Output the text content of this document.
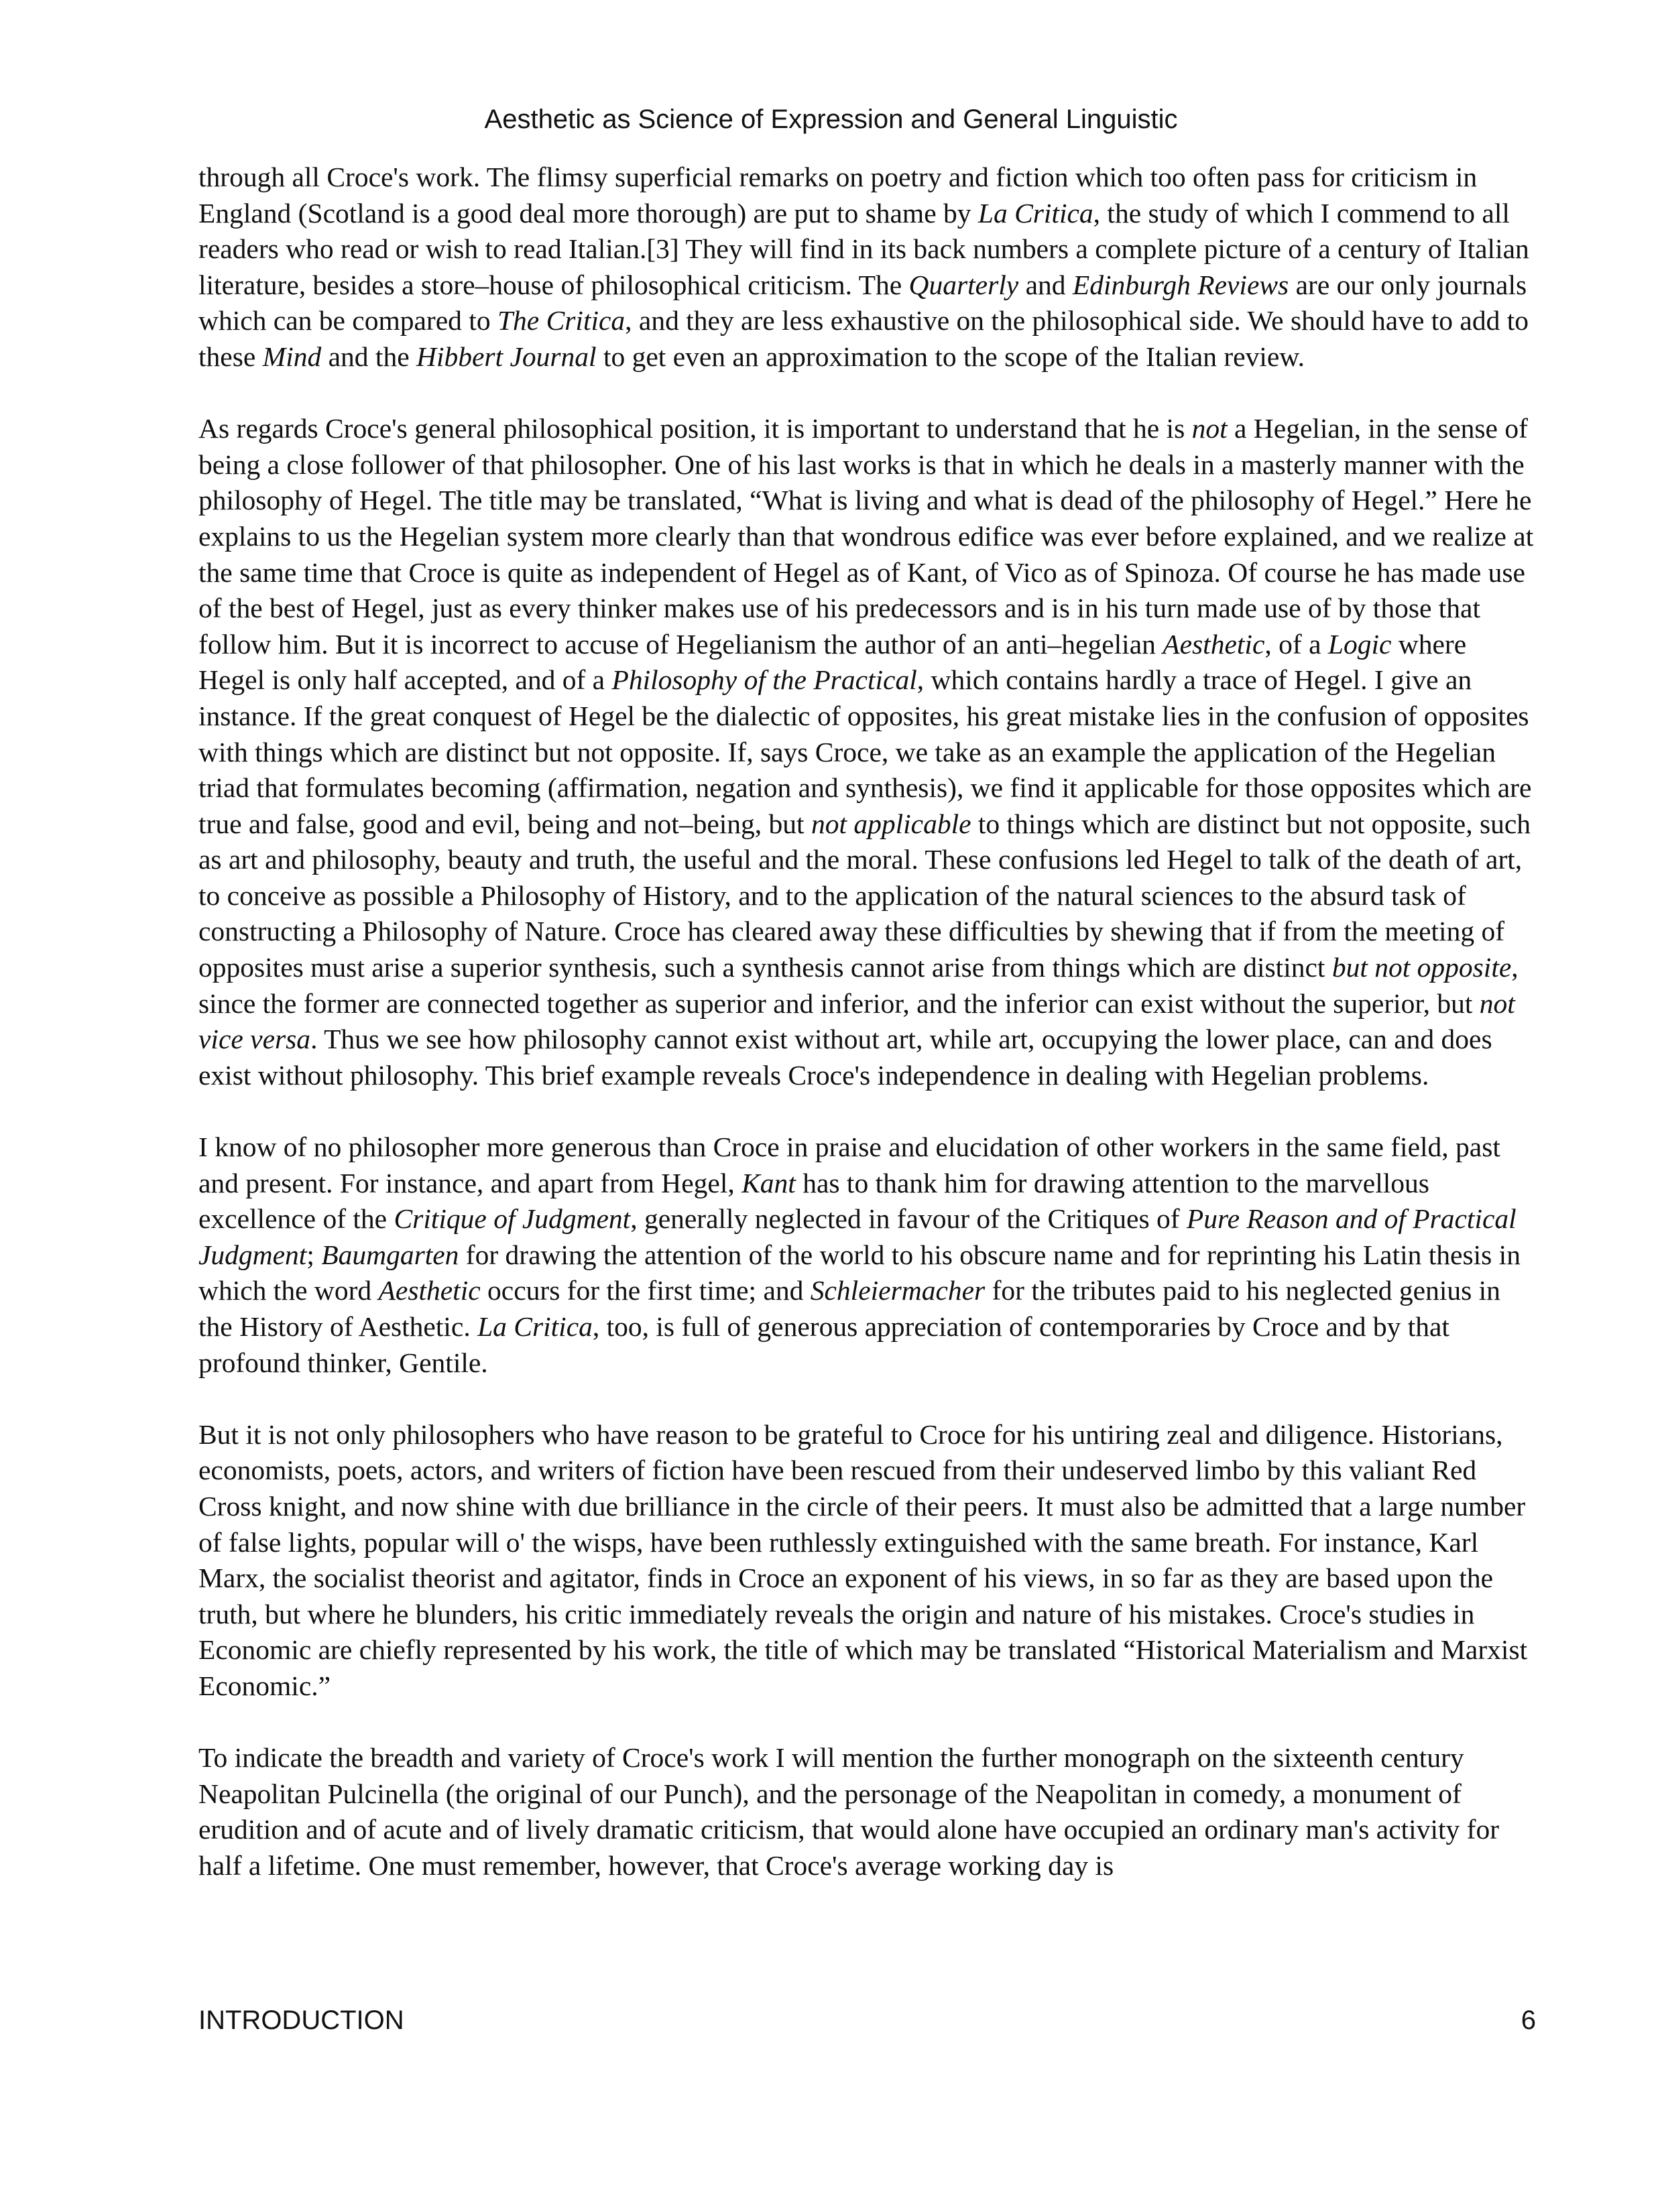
Aesthetic as Science of Expression and General Linguistic

through all Croce's work. The flimsy superficial remarks on poetry and fiction which too often pass for criticism in England (Scotland is a good deal more thorough) are put to shame by La Critica, the study of which I commend to all readers who read or wish to read Italian.[3] They will find in its back numbers a complete picture of a century of Italian literature, besides a store–house of philosophical criticism. The Quarterly and Edinburgh Reviews are our only journals which can be compared to The Critica, and they are less exhaustive on the philosophical side. We should have to add to these Mind and the Hibbert Journal to get even an approximation to the scope of the Italian review.

As regards Croce's general philosophical position, it is important to understand that he is not a Hegelian, in the sense of being a close follower of that philosopher. One of his last works is that in which he deals in a masterly manner with the philosophy of Hegel. The title may be translated, “What is living and what is dead of the philosophy of Hegel.” Here he explains to us the Hegelian system more clearly than that wondrous edifice was ever before explained, and we realize at the same time that Croce is quite as independent of Hegel as of Kant, of Vico as of Spinoza. Of course he has made use of the best of Hegel, just as every thinker makes use of his predecessors and is in his turn made use of by those that follow him. But it is incorrect to accuse of Hegelianism the author of an anti–hegelian Aesthetic, of a Logic where Hegel is only half accepted, and of a Philosophy of the Practical, which contains hardly a trace of Hegel. I give an instance. If the great conquest of Hegel be the dialectic of opposites, his great mistake lies in the confusion of opposites with things which are distinct but not opposite. If, says Croce, we take as an example the application of the Hegelian triad that formulates becoming (affirmation, negation and synthesis), we find it applicable for those opposites which are true and false, good and evil, being and not–being, but not applicable to things which are distinct but not opposite, such as art and philosophy, beauty and truth, the useful and the moral. These confusions led Hegel to talk of the death of art, to conceive as possible a Philosophy of History, and to the application of the natural sciences to the absurd task of constructing a Philosophy of Nature. Croce has cleared away these difficulties by shewing that if from the meeting of opposites must arise a superior synthesis, such a synthesis cannot arise from things which are distinct but not opposite, since the former are connected together as superior and inferior, and the inferior can exist without the superior, but not vice versa. Thus we see how philosophy cannot exist without art, while art, occupying the lower place, can and does exist without philosophy. This brief example reveals Croce's independence in dealing with Hegelian problems.

I know of no philosopher more generous than Croce in praise and elucidation of other workers in the same field, past and present. For instance, and apart from Hegel, Kant has to thank him for drawing attention to the marvellous excellence of the Critique of Judgment, generally neglected in favour of the Critiques of Pure Reason and of Practical Judgment; Baumgarten for drawing the attention of the world to his obscure name and for reprinting his Latin thesis in which the word Aesthetic occurs for the first time; and Schleiermacher for the tributes paid to his neglected genius in the History of Aesthetic. La Critica, too, is full of generous appreciation of contemporaries by Croce and by that profound thinker, Gentile.

But it is not only philosophers who have reason to be grateful to Croce for his untiring zeal and diligence. Historians, economists, poets, actors, and writers of fiction have been rescued from their undeserved limbo by this valiant Red Cross knight, and now shine with due brilliance in the circle of their peers. It must also be admitted that a large number of false lights, popular will o' the wisps, have been ruthlessly extinguished with the same breath. For instance, Karl Marx, the socialist theorist and agitator, finds in Croce an exponent of his views, in so far as they are based upon the truth, but where he blunders, his critic immediately reveals the origin and nature of his mistakes. Croce's studies in Economic are chiefly represented by his work, the title of which may be translated “Historical Materialism and Marxist Economic.”

To indicate the breadth and variety of Croce's work I will mention the further monograph on the sixteenth century Neapolitan Pulcinella (the original of our Punch), and the personage of the Neapolitan in comedy, a monument of erudition and of acute and of lively dramatic criticism, that would alone have occupied an ordinary man's activity for half a lifetime. One must remember, however, that Croce's average working day is

INTRODUCTION	6
